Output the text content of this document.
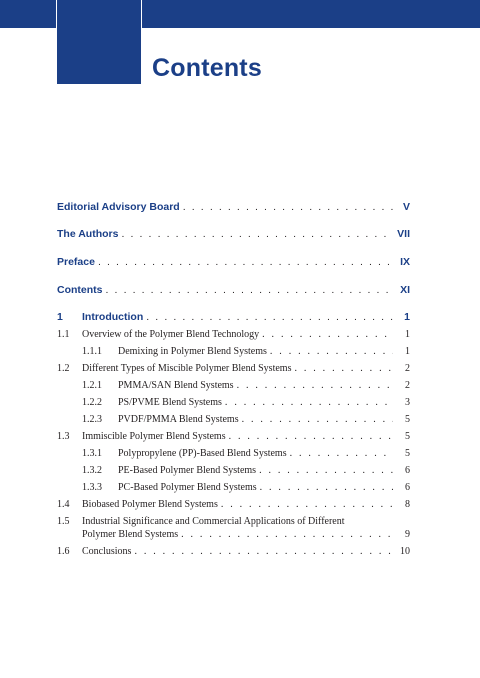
Contents
Editorial Advisory Board . . .	V
The Authors . . .	VII
Preface . . .	IX
Contents . . .	XI
1	Introduction . . .	1
1.1	Overview of the Polymer Blend Technology . . .	1
1.1.1	Demixing in Polymer Blend Systems . . .	1
1.2	Different Types of Miscible Polymer Blend Systems . . .	2
1.2.1	PMMA/SAN Blend Systems . . .	2
1.2.2	PS/PVME Blend Systems . . .	3
1.2.3	PVDF/PMMA Blend Systems . . .	5
1.3	Immiscible Polymer Blend Systems . . .	5
1.3.1	Polypropylene (PP)-Based Blend Systems . . .	5
1.3.2	PE-Based Polymer Blend Systems . . .	6
1.3.3	PC-Based Polymer Blend Systems . . .	6
1.4	Biobased Polymer Blend Systems . . .	8
1.5	Industrial Significance and Commercial Applications of Different
Polymer Blend Systems . . .	9
1.6	Conclusions . . .	10
